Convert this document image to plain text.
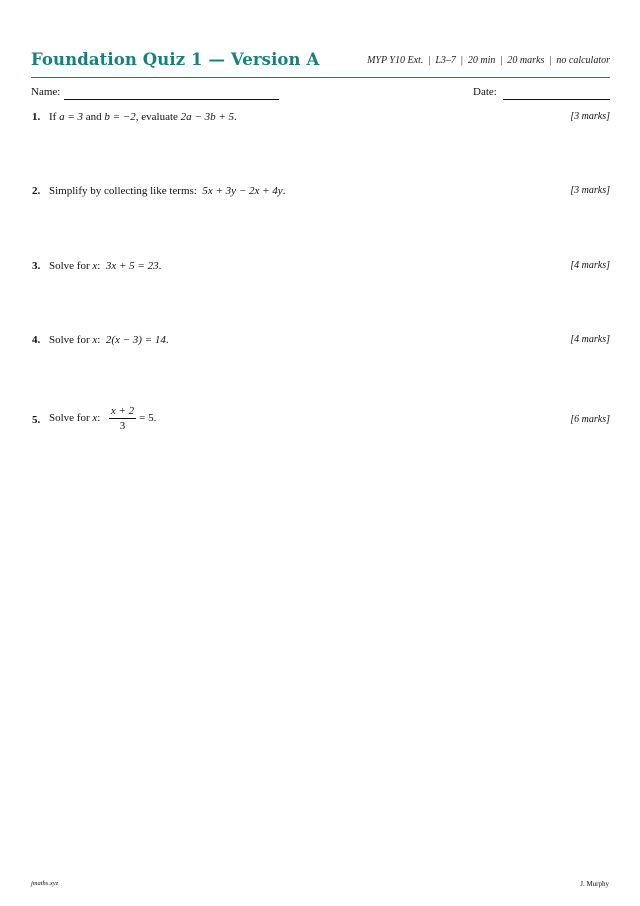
Foundation Quiz 1 — Version A	MYP Y10 Ext. | L3–7 | 20 min | 20 marks | no calculator
Name:	Date:
1. If a = 3 and b = −2, evaluate 2a − 3b + 5.	[3 marks]
2. Simplify by collecting like terms: 5x + 3y − 2x + 4y.	[3 marks]
3. Solve for x: 3x + 5 = 23.	[4 marks]
4. Solve for x: 2(x − 3) = 14.	[4 marks]
5. Solve for x: $\frac{x + 2}{3} = 5$.	[6 marks]
jmaths.xyz	J. Murphy
